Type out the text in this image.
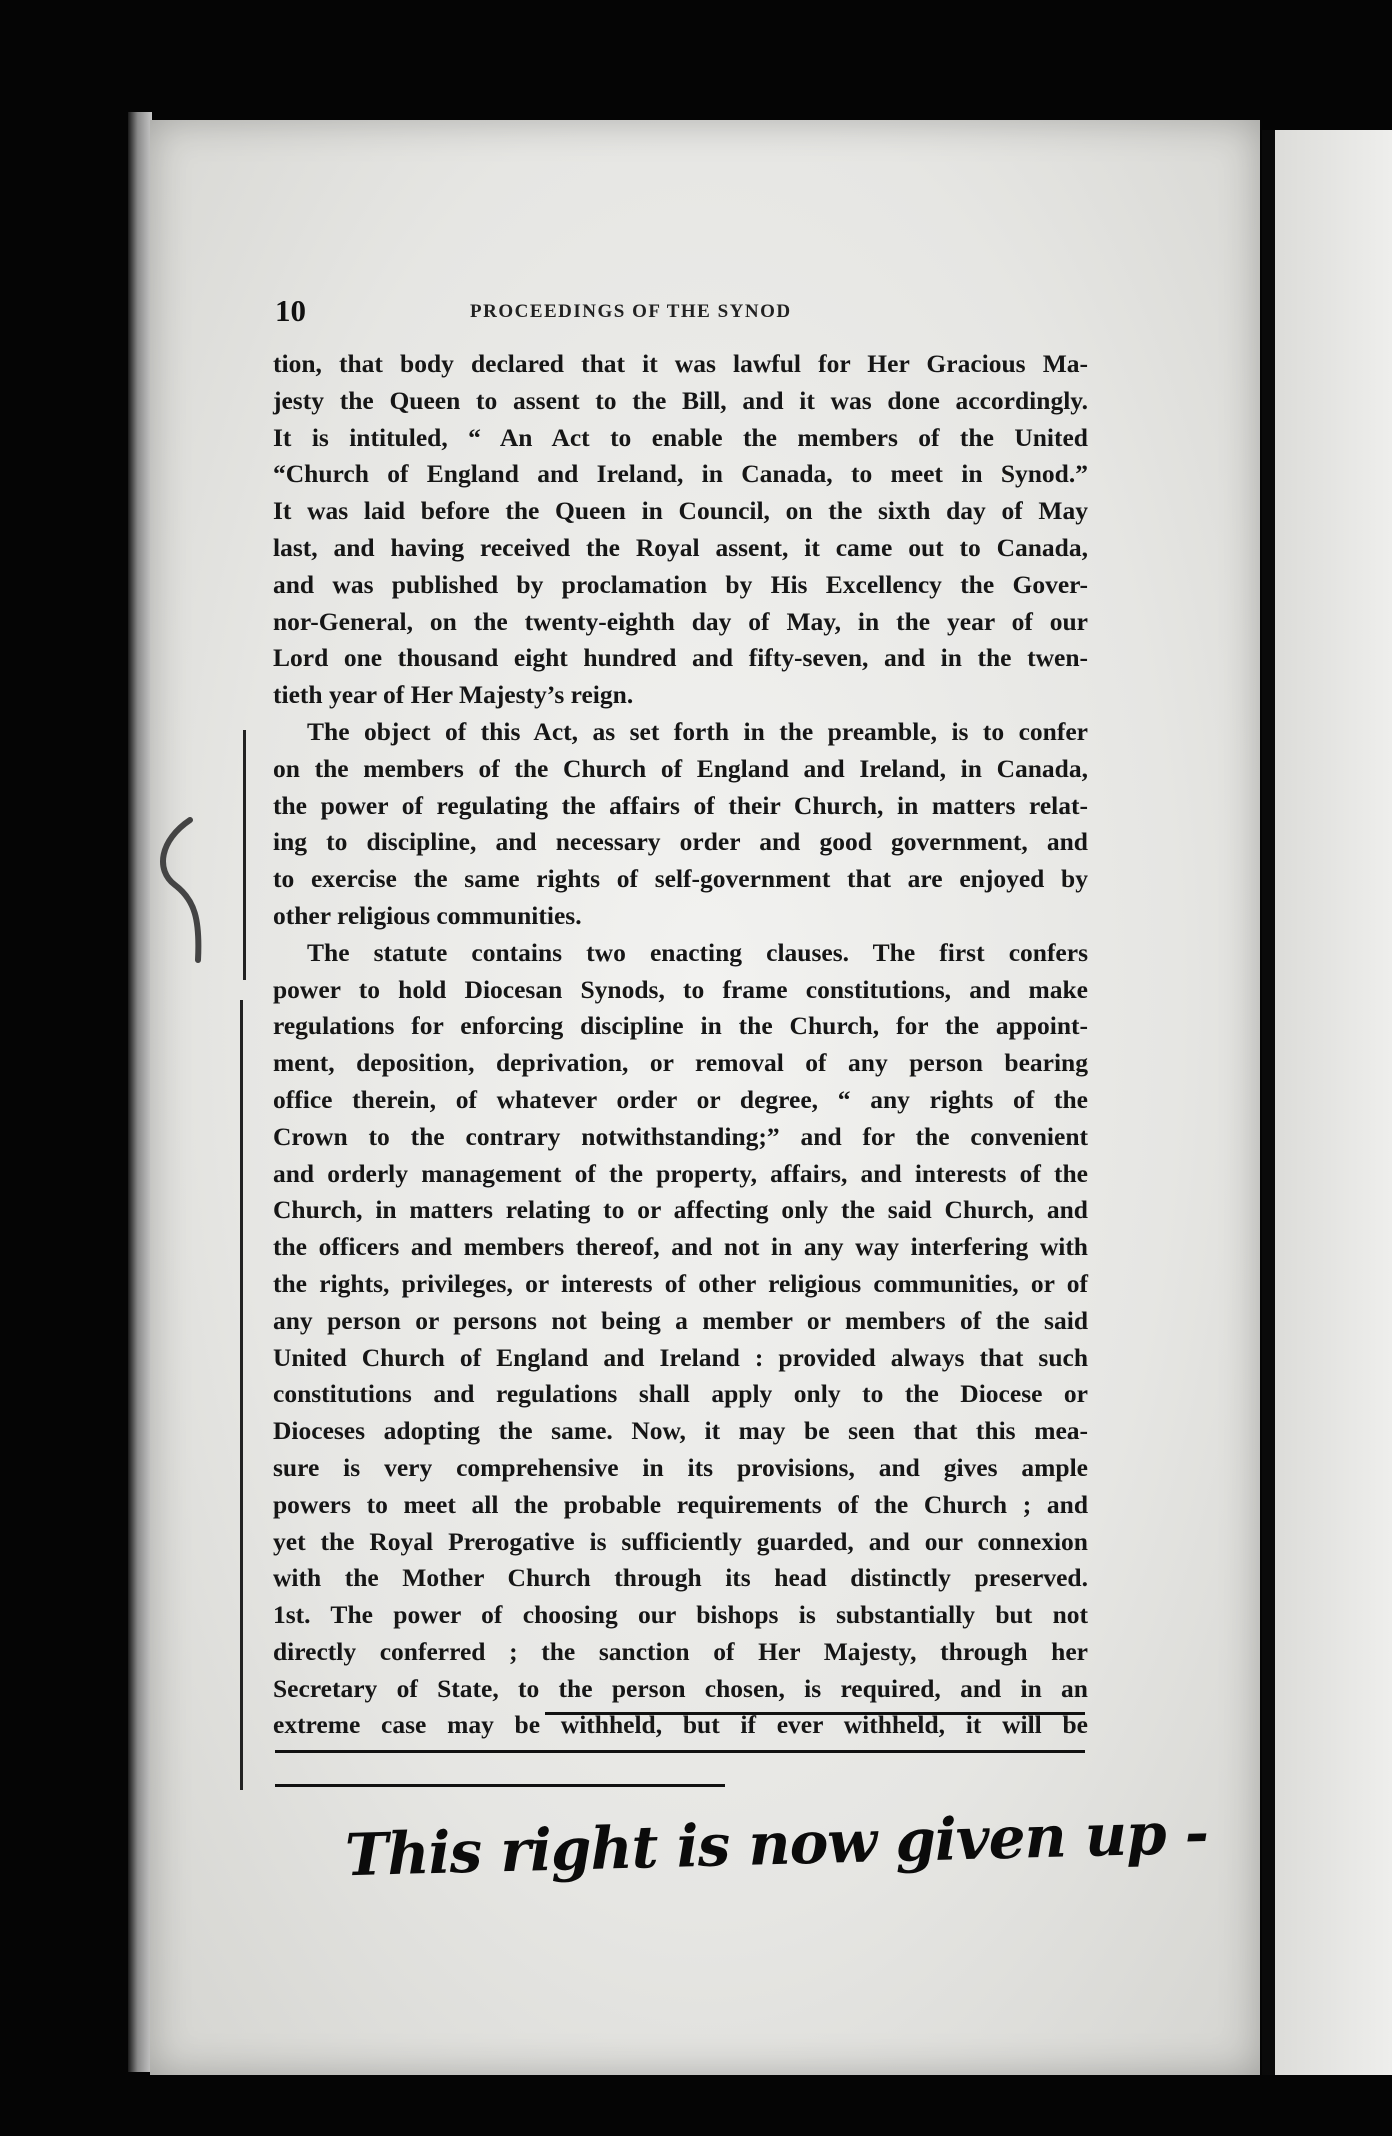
10	PROCEEDINGS OF THE SYNOD
tion, that body declared that it was lawful for Her Gracious Ma-
jesty the Queen to assent to the Bill, and it was done accordingly.
It is intituled, “ An Act to enable the members of the United
“Church of England and Ireland, in Canada, to meet in Synod.”
It was laid before the Queen in Council, on the sixth day of May
last, and having received the Royal assent, it came out to Canada,
and was published by proclamation by His Excellency the Gover-
nor-General, on the twenty-eighth day of May, in the year of our
Lord one thousand eight hundred and fifty-seven, and in the twen-
tieth year of Her Majesty’s reign.
The object of this Act, as set forth in the preamble, is to confer
on the members of the Church of England and Ireland, in Canada,
the power of regulating the affairs of their Church, in matters relat-
ing to discipline, and necessary order and good government, and
to exercise the same rights of self-government that are enjoyed by
other religious communities.
The statute contains two enacting clauses. The first confers
power to hold Diocesan Synods, to frame constitutions, and make
regulations for enforcing discipline in the Church, for the appoint-
ment, deposition, deprivation, or removal of any person bearing
office therein, of whatever order or degree, “ any rights of the
Crown to the contrary notwithstanding;” and for the convenient
and orderly management of the property, affairs, and interests of the
Church, in matters relating to or affecting only the said Church, and
the officers and members thereof, and not in any way interfering with
the rights, privileges, or interests of other religious communities, or of
any person or persons not being a member or members of the said
United Church of England and Ireland : provided always that such
constitutions and regulations shall apply only to the Diocese or
Dioceses adopting the same. Now, it may be seen that this mea-
sure is very comprehensive in its provisions, and gives ample
powers to meet all the probable requirements of the Church ; and
yet the Royal Prerogative is sufficiently guarded, and our connexion
with the Mother Church through its head distinctly preserved.
1st. The power of choosing our bishops is substantially but not
directly conferred ; the sanction of Her Majesty, through her
Secretary of State, to the person chosen, is required, and in an
extreme case may be withheld, but if ever withheld, it will be
This right is now given up -
